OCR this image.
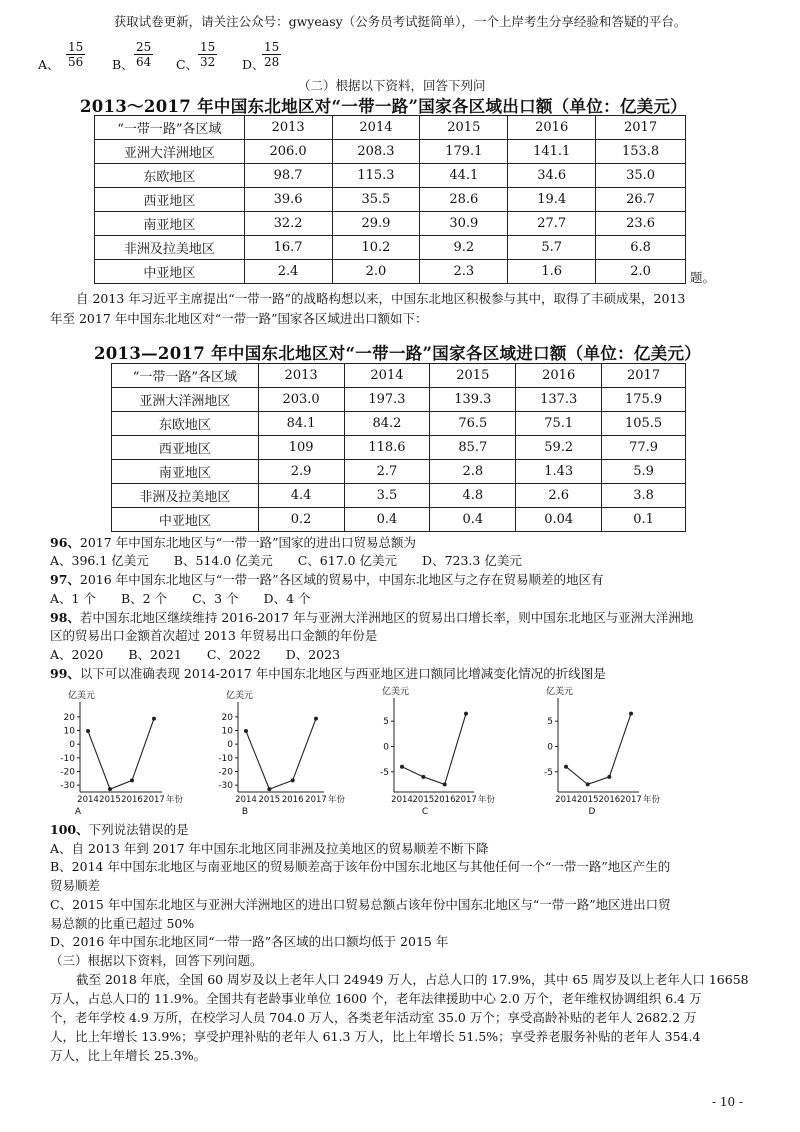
获取试卷更新，请关注公众号：gwyeasy（公务员考试挺简单），一个上岸考生分享经验和答疑的平台。
$\frac{15}{56}$
A、	$\frac{25}{64}$
B、	$\frac{15}{32}$
C、	$\frac{15}{28}$
D、
（二）根据以下资料，回答下列问
2013～2017 年中国东北地区对“一带一路”国家各区域出口额（单位：亿美元）
“一带一路”各区域	2013	2014	2015	2016	2017
亚洲大洋洲地区	206.0	208.3	179.1	141.1	153.8
东欧地区	98.7	115.3	44.1	34.6	35.0
西亚地区	39.6	35.5	28.6	19.4	26.7
南亚地区	32.2	29.9	30.9	27.7	23.6
非洲及拉美地区	16.7	10.2	9.2	5.7	6.8
中亚地区	2.4	2.0	2.3	1.6	2.0	题。
自 2013 年习近平主席提出“一带一路”的战略构想以来，中国东北地区积极参与其中，取得了丰硕成果，2013
年至 2017 年中国东北地区对“一带一路”国家各区域进出口额如下：
2013—2017 年中国东北地区对“一带一路”国家各区域进口额（单位：亿美元）
“一带一路”各区域	2013	2014	2015	2016	2017
亚洲大洋洲地区	203.0	197.3	139.3	137.3	175.9
东欧地区	84.1	84.2	76.5	75.1	105.5
西亚地区	109	118.6	85.7	59.2	77.9
南亚地区	2.9	2.7	2.8	1.43	5.9
非洲及拉美地区	4.4	3.5	4.8	2.6	3.8
中亚地区	0.2	0.4	0.4	0.04	0.1
96、2017 年中国东北地区与“一带一路”国家的进出口贸易总额为
A、396.1 亿美元　　B、514.0 亿美元　　C、617.0 亿美元　　D、723.3 亿美元
97、2016 年中国东北地区与“一带一路”各区域的贸易中，中国东北地区与之存在贸易顺差的地区有
A、1 个　　B、2 个　　C、3 个　　D、4 个
98、若中国东北地区继续维持 2016-2017 年与亚洲大洋洲地区的贸易出口增长率，则中国东北地区与亚洲大洋洲地
区的贸易出口金额首次超过 2013 年贸易出口金额的年份是
A、2020　　B、2021　　C、2022　　D、2023
99、以下可以准确表现 2014-2017 年中国东北地区与西亚地区进口额同比增减变化情况的折线图是
亿美元
20
10
0
-10
-20
-30
2014 2015 2016 2017 年份
A
亿美元
20
10
0
-10
-20
-30
2014 2015 2016 2017 年份
B
亿美元
5
0
-5
2014 2015 2016 2017 年份
C
亿美元
5
0
-5
2014 2015 2016 2017 年份
D
100、下列说法错误的是
A、自 2013 年到 2017 年中国东北地区同非洲及拉美地区的贸易顺差不断下降
B、2014 年中国东北地区与南亚地区的贸易顺差高于该年份中国东北地区与其他任何一个“一带一路”地区产生的
贸易顺差
C、2015 年中国东北地区与亚洲大洋洲地区的进出口贸易总额占该年份中国东北地区与“一带一路”地区进出口贸
易总额的比重已超过 50%
D、2016 年中国东北地区同“一带一路”各区域的出口额均低于 2015 年
（三）根据以下资料，回答下列问题。
截至 2018 年底，全国 60 周岁及以上老年人口 24949 万人，占总人口的 17.9%，其中 65 周岁及以上老年人口 16658
万人，占总人口的 11.9%。全国共有老龄事业单位 1600 个，老年法律援助中心 2.0 万个，老年维权协调组织 6.4 万
个，老年学校 4.9 万所，在校学习人员 704.0 万人，各类老年活动室 35.0 万个；享受高龄补贴的老年人 2682.2 万
人，比上年增长 13.9%；享受护理补贴的老年人 61.3 万人，比上年增长 51.5%；享受养老服务补贴的老年人 354.4
万人，比上年增长 25.3%。
- 10 -
